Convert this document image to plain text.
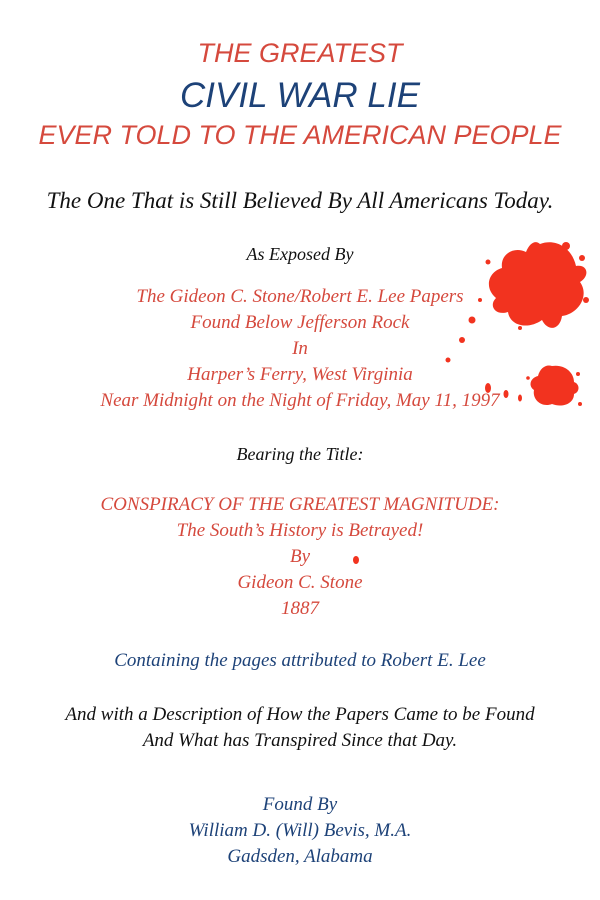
THE GREATEST

CIVIL WAR LIE

EVER TOLD TO THE AMERICAN PEOPLE

The One That is Still Believed By All Americans Today.

As Exposed By

The Gideon C. Stone/Robert E. Lee Papers

Found Below Jefferson Rock

In

Harper’s Ferry, West Virginia

Near Midnight on the Night of Friday, May 11, 1997

Bearing the Title:

CONSPIRACY OF THE GREATEST MAGNITUDE:

The South’s History is Betrayed!

By

Gideon C. Stone

1887

Containing the pages attributed to Robert E. Lee

And with a Description of How the Papers Came to be Found

And What has Transpired Since that Day.

Found By

William D. (Will) Bevis, M.A.

Gadsden, Alabama
